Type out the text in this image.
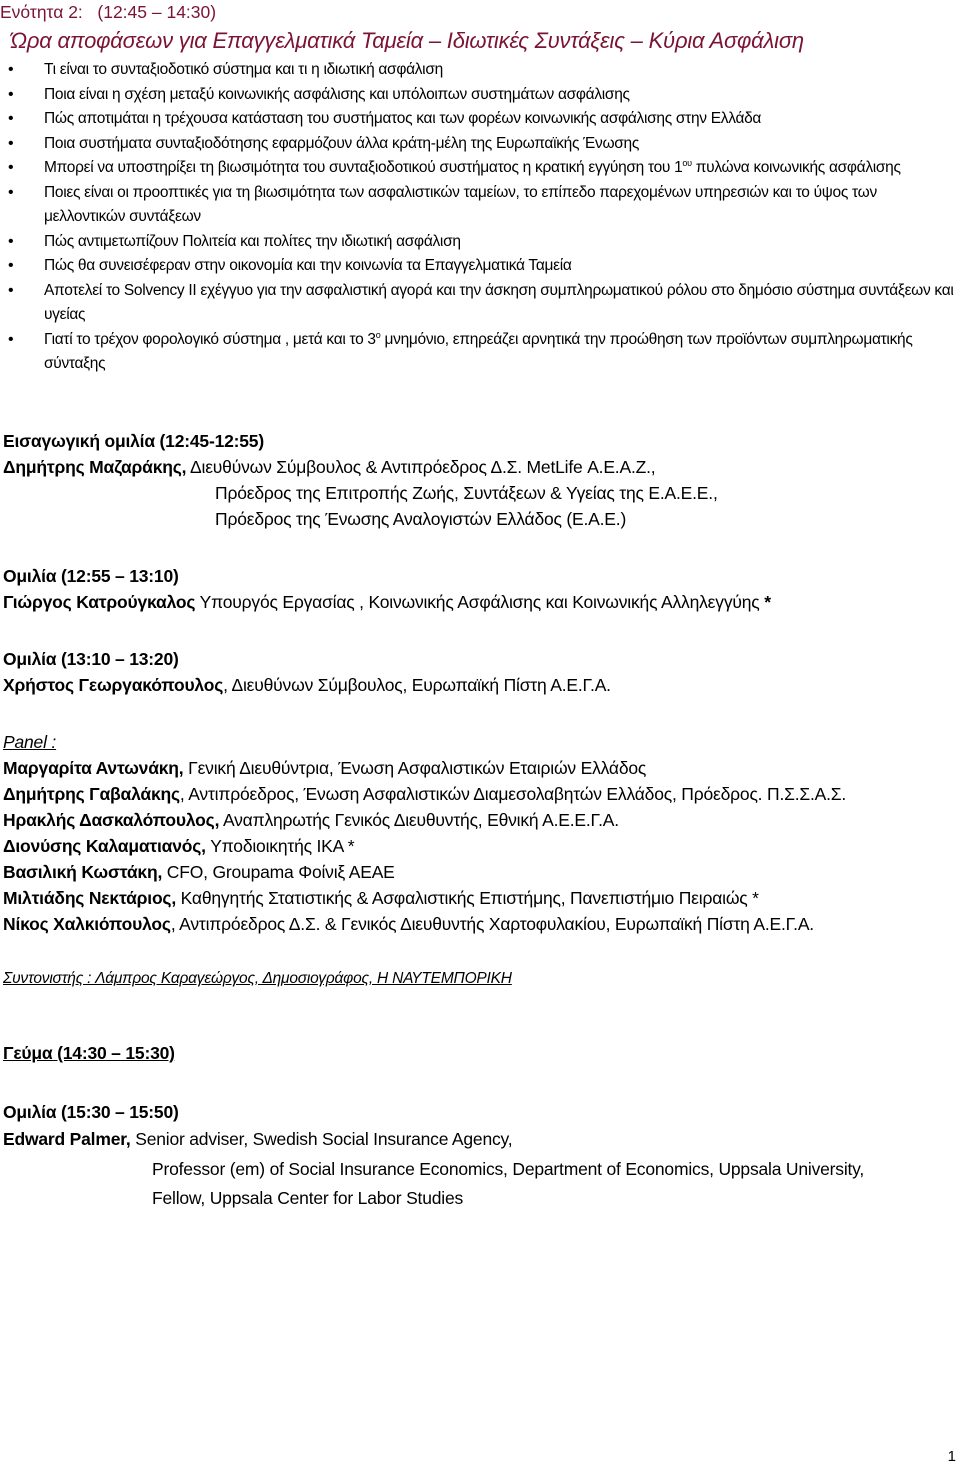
Ενότητα 2: (12:45 – 14:30)
Ώρα αποφάσεων για Επαγγελματικά Ταμεία – Ιδιωτικές Συντάξεις – Κύρια Ασφάλιση
• Τι είναι το συνταξιοδοτικό σύστημα και τι η ιδιωτική ασφάλιση
• Ποια είναι η σχέση μεταξύ κοινωνικής ασφάλισης και υπόλοιπων συστημάτων ασφάλισης
• Πώς αποτιμάται η τρέχουσα κατάσταση του συστήματος και των φορέων κοινωνικής ασφάλισης στην Ελλάδα
• Ποια συστήματα συνταξιοδότησης εφαρμόζουν άλλα κράτη-μέλη της Ευρωπαϊκής Ένωσης
• Μπορεί να υποστηρίξει τη βιωσιμότητα του συνταξιοδοτικού συστήματος η κρατική εγγύηση του $1^{o\upsilon}$ πυλώνα κοινωνικής ασφάλισης
• Ποιες είναι οι προοπτικές για τη βιωσιμότητα των ασφαλιστικών ταμείων, το επίπεδο παρεχομένων υπηρεσιών και το ύψος των μελλοντικών συντάξεων
• Πώς αντιμετωπίζουν Πολιτεία και πολίτες την ιδιωτική ασφάλιση
• Πώς θα συνεισέφεραν στην οικονομία και την κοινωνία τα Επαγγελματικά Ταμεία
• Αποτελεί το Solvency II εχέγγυο για την ασφαλιστική αγορά και την άσκηση συμπληρωματικού ρόλου στο δημόσιο σύστημα συντάξεων και υγείας
• Γιατί το τρέχον φορολογικό σύστημα , μετά και το $3^o$ μνημόνιο, επηρεάζει αρνητικά την προώθηση των προϊόντων συμπληρωματικής σύνταξης
Εισαγωγική ομιλία (12:45-12:55)
Δημήτρης Μαζαράκης, Διευθύνων Σύμβουλος & Αντιπρόεδρος Δ.Σ. MetLife Α.Ε.Α.Ζ.,
Πρόεδρος της Επιτροπής Ζωής, Συντάξεων & Υγείας της Ε.Α.Ε.Ε.,
Πρόεδρος της Ένωσης Αναλογιστών Ελλάδος (Ε.Α.Ε.)
Ομιλία (12:55 – 13:10)
Γιώργος Κατρούγκαλος Υπουργός Εργασίας , Κοινωνικής Ασφάλισης και Κοινωνικής Αλληλεγγύης *
Ομιλία (13:10 – 13:20)
Χρήστος Γεωργακόπουλος, Διευθύνων Σύμβουλος, Ευρωπαϊκή Πίστη Α.Ε.Γ.Α.
Panel :
Μαργαρίτα Αντωνάκη, Γενική Διευθύντρια, Ένωση Ασφαλιστικών Εταιριών Ελλάδος
Δημήτρης Γαβαλάκης, Αντιπρόεδρος, Ένωση Ασφαλιστικών Διαμεσολαβητών Ελλάδος, Πρόεδρος. Π.Σ.Σ.Α.Σ.
Ηρακλής Δασκαλόπουλος, Αναπληρωτής Γενικός Διευθυντής, Εθνική Α.Ε.Ε.Γ.Α.
Διονύσης Καλαματιανός, Υποδιοικητής ΙΚΑ *
Βασιλική Κωστάκη, CFO, Groupama Φοίνιξ ΑΕΑΕ
Μιλτιάδης Νεκτάριος, Καθηγητής Στατιστικής & Ασφαλιστικής Επιστήμης, Πανεπιστήμιο Πειραιώς *
Νίκος Χαλκιόπουλος, Αντιπρόεδρος Δ.Σ. & Γενικός Διευθυντής Χαρτοφυλακίου, Ευρωπαϊκή Πίστη Α.Ε.Γ.Α.
Συντονιστής : Λάμπρος Καραγεώργος, Δημοσιογράφος, Η ΝΑΥΤΕΜΠΟΡΙΚΗ
Γεύμα (14:30 – 15:30)
Ομιλία (15:30 – 15:50)
Edward Palmer, Senior adviser, Swedish Social Insurance Agency,
Professor (em) of Social Insurance Economics, Department of Economics, Uppsala University,
Fellow, Uppsala Center for Labor Studies
1
